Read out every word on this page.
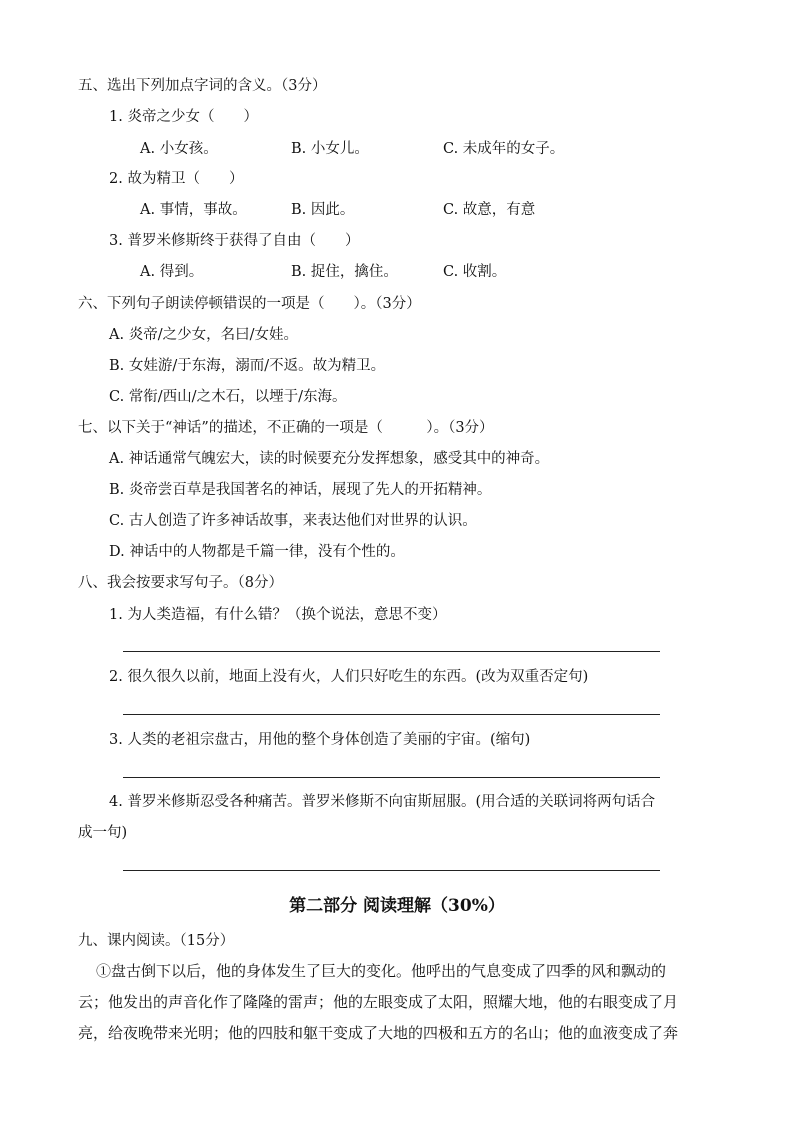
五、选出下列加点字词的含义。（3分）
1. 炎帝之少女（　　）
A. 小女孩。	B. 小女儿。	C. 未成年的女子。
2. 故为精卫（　　）
A. 事情，事故。	B. 因此。	C. 故意，有意
3. 普罗米修斯终于获得了自由（　　）
A. 得到。	B. 捉住，擒住。	C. 收割。
六、下列句子朗读停顿错误的一项是（　　）。（3分）
A. 炎帝/之少女，名曰/女娃。
B. 女娃游/于东海，溺而/不返。故为精卫。
C. 常衔/西山/之木石，以堙于/东海。
七、以下关于“神话”的描述，不正确的一项是（　　　）。（3分）
A. 神话通常气魄宏大，读的时候要充分发挥想象，感受其中的神奇。
B. 炎帝尝百草是我国著名的神话，展现了先人的开拓精神。
C. 古人创造了许多神话故事，来表达他们对世界的认识。
D. 神话中的人物都是千篇一律，没有个性的。
八、我会按要求写句子。（8分）
1. 为人类造福，有什么错？（换个说法，意思不变）
2. 很久很久以前，地面上没有火，人们只好吃生的东西。(改为双重否定句)
3. 人类的老祖宗盘古，用他的整个身体创造了美丽的宇宙。(缩句)
4. 普罗米修斯忍受各种痛苦。普罗米修斯不向宙斯屈服。(用合适的关联词将两句话合
成一句)
第二部分 阅读理解（30%）
九、课内阅读。（15分）
①盘古倒下以后，他的身体发生了巨大的变化。他呼出的气息变成了四季的风和飘动的
云；他发出的声音化作了隆隆的雷声；他的左眼变成了太阳，照耀大地，他的右眼变成了月
亮，给夜晚带来光明；他的四肢和躯干变成了大地的四极和五方的名山；他的血液变成了奔
